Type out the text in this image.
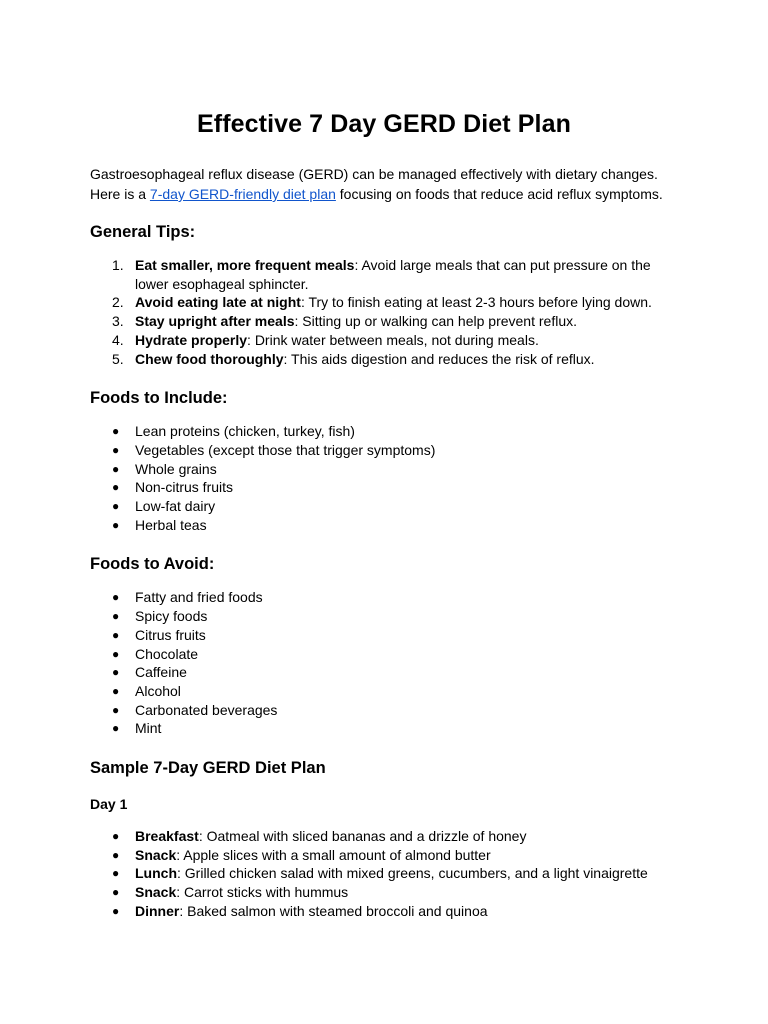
Effective 7 Day GERD Diet Plan

Gastroesophageal reflux disease (GERD) can be managed effectively with dietary changes.
Here is a 7-day GERD-friendly diet plan focusing on foods that reduce acid reflux symptoms.

General Tips:
1. Eat smaller, more frequent meals: Avoid large meals that can put pressure on the lower esophageal sphincter.
2. Avoid eating late at night: Try to finish eating at least 2-3 hours before lying down.
3. Stay upright after meals: Sitting up or walking can help prevent reflux.
4. Hydrate properly: Drink water between meals, not during meals.
5. Chew food thoroughly: This aids digestion and reduces the risk of reflux.
Foods to Include:
● Lean proteins (chicken, turkey, fish)
● Vegetables (except those that trigger symptoms)
● Whole grains
● Non-citrus fruits
● Low-fat dairy
● Herbal teas
Foods to Avoid:
● Fatty and fried foods
● Spicy foods
● Citrus fruits
● Chocolate
● Caffeine
● Alcohol
● Carbonated beverages
● Mint
Sample 7-Day GERD Diet Plan
Day 1
● Breakfast: Oatmeal with sliced bananas and a drizzle of honey
● Snack: Apple slices with a small amount of almond butter
● Lunch: Grilled chicken salad with mixed greens, cucumbers, and a light vinaigrette
● Snack: Carrot sticks with hummus
● Dinner: Baked salmon with steamed broccoli and quinoa
